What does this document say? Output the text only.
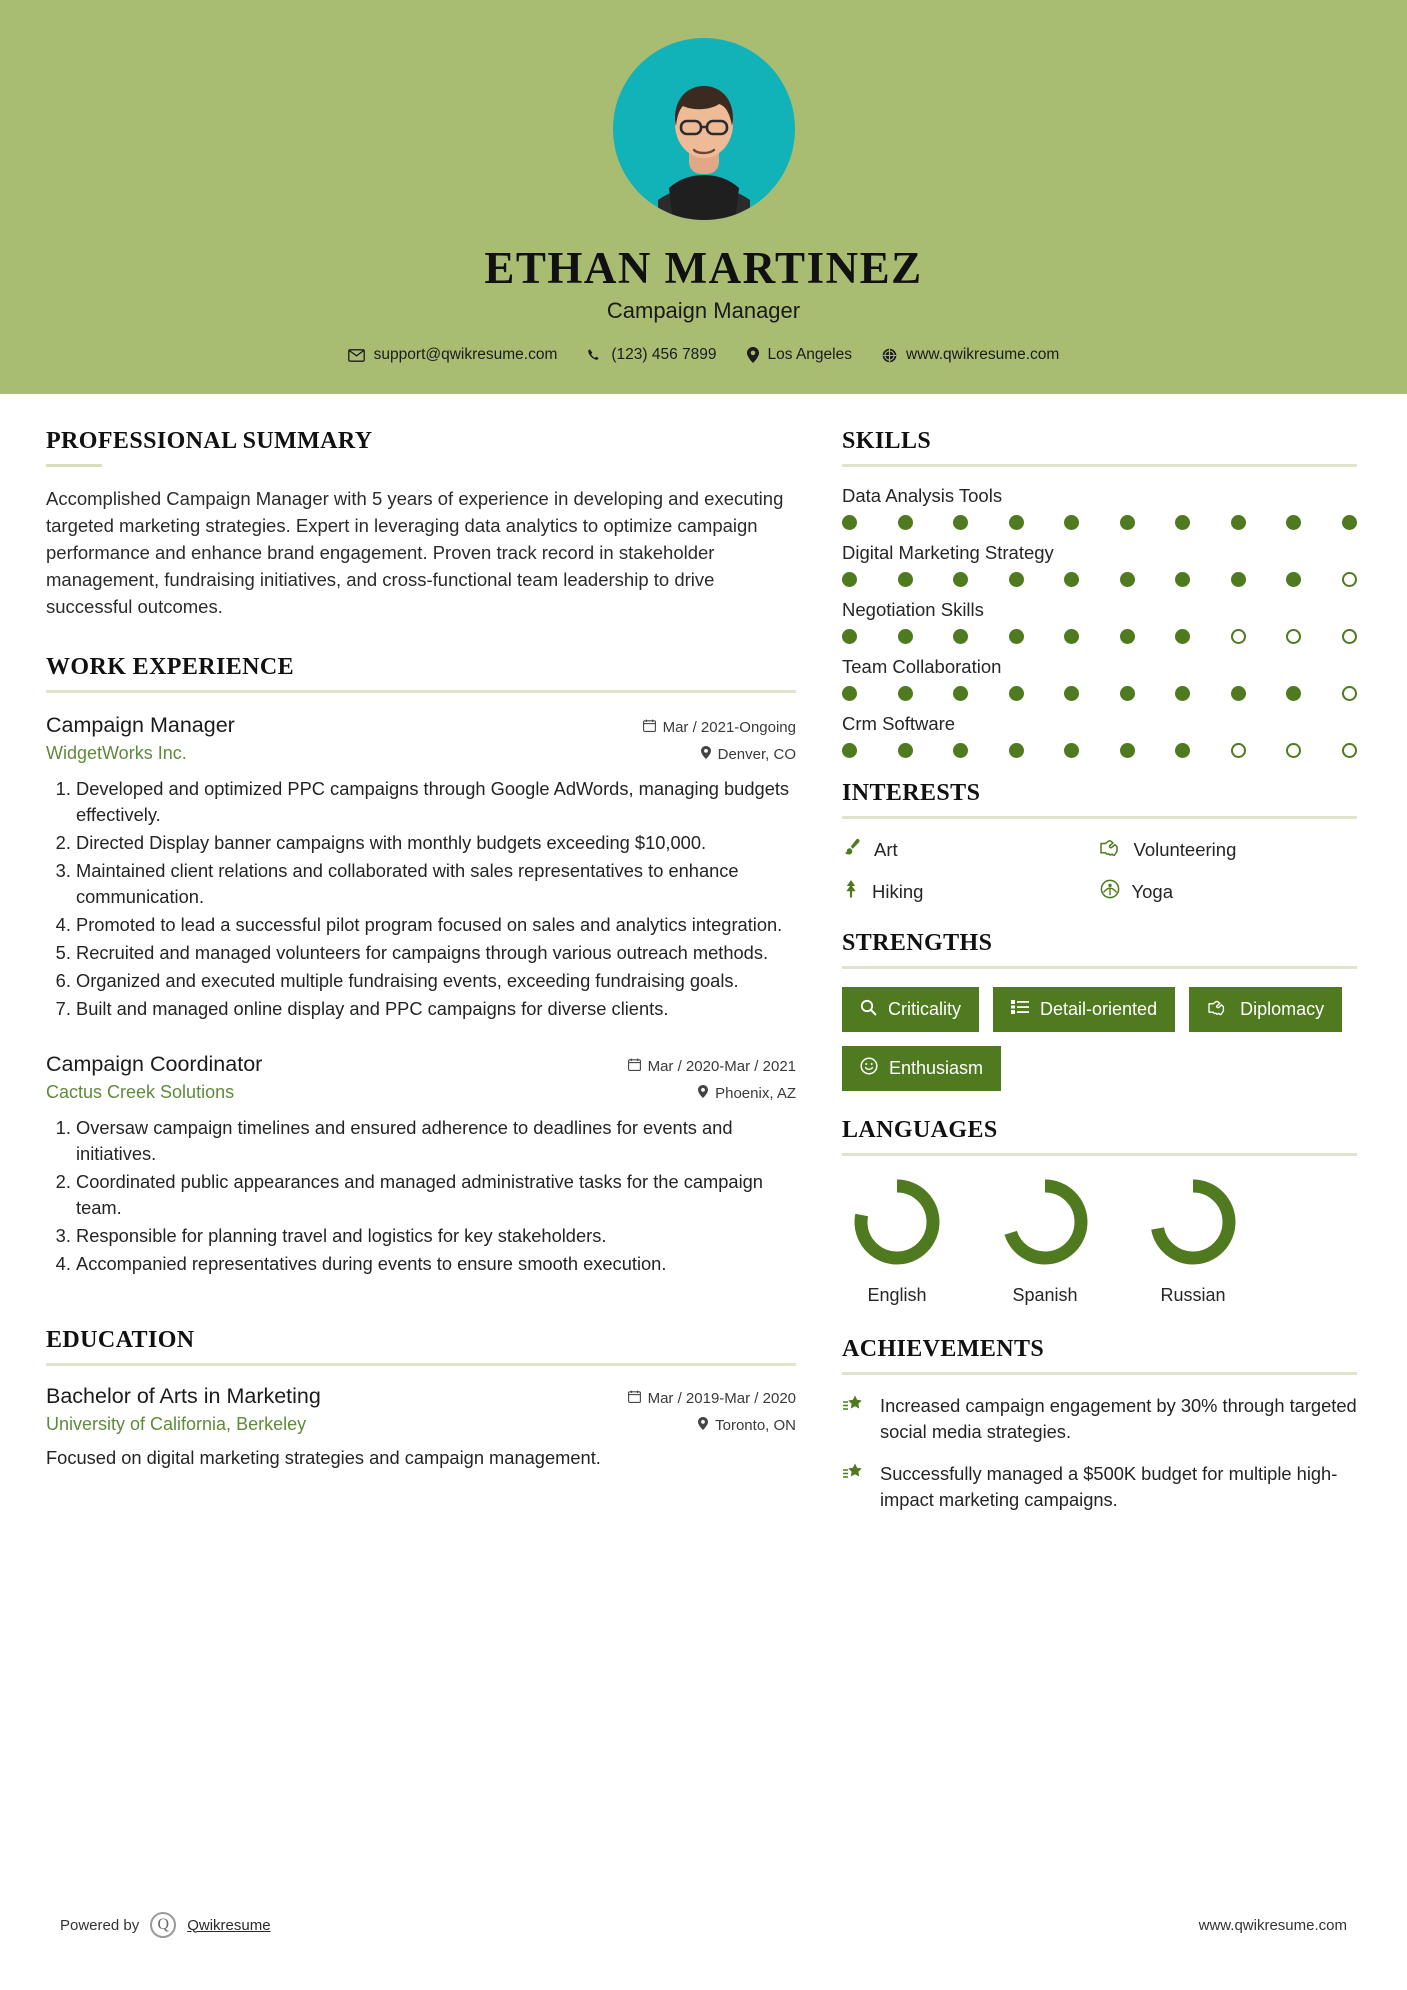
ETHAN MARTINEZ
Campaign Manager
support@qwikresume.com	(123) 456 7899	Los Angeles	www.qwikresume.com
PROFESSIONAL SUMMARY

Accomplished Campaign Manager with 5 years of experience in developing and executing targeted marketing strategies. Expert in leveraging data analytics to optimize campaign performance and enhance brand engagement. Proven track record in stakeholder management, fundraising initiatives, and cross-functional team leadership to drive successful outcomes.

WORK EXPERIENCE
Campaign Manager	Mar / 2021-Ongoing
WidgetWorks Inc.	Denver, CO
1. Developed and optimized PPC campaigns through Google AdWords, managing budgets effectively.
2. Directed Display banner campaigns with monthly budgets exceeding $10,000.
3. Maintained client relations and collaborated with sales representatives to enhance communication.
4. Promoted to lead a successful pilot program focused on sales and analytics integration.
5. Recruited and managed volunteers for campaigns through various outreach methods.
6. Organized and executed multiple fundraising events, exceeding fundraising goals.
7. Built and managed online display and PPC campaigns for diverse clients.
Campaign Coordinator	Mar / 2020-Mar / 2021
Cactus Creek Solutions	Phoenix, AZ
1. Oversaw campaign timelines and ensured adherence to deadlines for events and initiatives.
2. Coordinated public appearances and managed administrative tasks for the campaign team.
3. Responsible for planning travel and logistics for key stakeholders.
4. Accompanied representatives during events to ensure smooth execution.
EDUCATION
Bachelor of Arts in Marketing	Mar / 2019-Mar / 2020
University of California, Berkeley	Toronto, ON
Focused on digital marketing strategies and campaign management.
SKILLS
Data Analysis Tools
Digital Marketing Strategy
Negotiation Skills
Team Collaboration
Crm Software
INTERESTS
Art	Volunteering
Hiking	Yoga
STRENGTHS
Criticality	Detail-oriented	Diplomacy
Enthusiasm
LANGUAGES
English	Spanish	Russian
ACHIEVEMENTS
Increased campaign engagement by 30% through targeted social media strategies.
Successfully managed a $500K budget for multiple high-impact marketing campaigns.
Powered by	Q	Qwikresume	www.qwikresume.com
